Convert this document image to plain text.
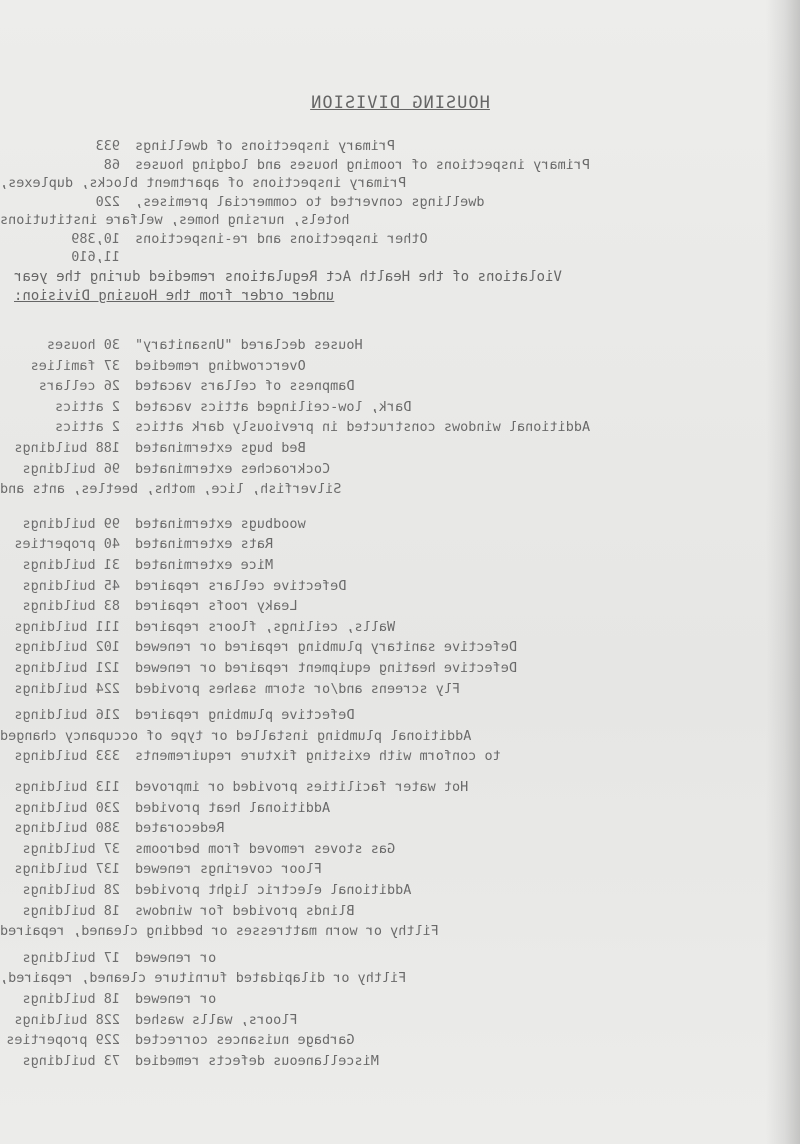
HOUSING DIVISION
Primary inspections of dwellings
933
Primary inspections of rooming houses and lodging houses
68
Primary inspections of apartment blocks, duplexes,
dwellings converted to commercial premises,
220
hotels, nursing homes, welfare institutions
Other inspections and re-inspections
10,389
11,610
Violations of the Health Act Regulations remedied during the year
under order from the Housing Division:
Houses declared "Unsanitary"
30 houses
Overcrowding remedied
37 families
Dampness of cellars vacated
26 cellars
Dark, low-ceilinged attics vacated
2 attics
Additional windows constructed in previously dark attics
2 attics
Bed bugs exterminated
188 buildings
Cockroaches exterminated
96 buildings
Silverfish, lice, moths, beetles, ants and
woodbugs exterminated
99 buildings
Rats exterminated
40 properties
Mice exterminated
31 buildings
Defective cellars repaired
45 buildings
Leaky roofs repaired
83 buildings
Walls, ceilings, floors repaired
111 buildings
Defective sanitary plumbing repaired or renewed
102 buildings
Defective heating equipment repaired or renewed
121 buildings
Fly screens and/or storm sashes provided
224 buildings
Defective plumbing repaired
216 buildings
Additional plumbing installed or type of occupancy changed
to conform with existing fixture requirements
333 buildings
Hot water facilities provided or improved
113 buildings
Additional heat provided
230 buildings
Redecorated
380 buildings
Gas stoves removed from bedrooms
37 buildings
Floor coverings renewed
137 buildings
Additional electric light provided
28 buildings
Blinds provided for windows
18 buildings
Filthy or worn mattresses or bedding cleaned, repaired
or renewed
17 buildings
Filthy or dilapidated furniture cleaned, repaired,
or renewed
18 buildings
Floors, walls washed
228 buildings
Garbage nuisances corrected
229 properties
Miscellaneous defects remedied
73 buildings
